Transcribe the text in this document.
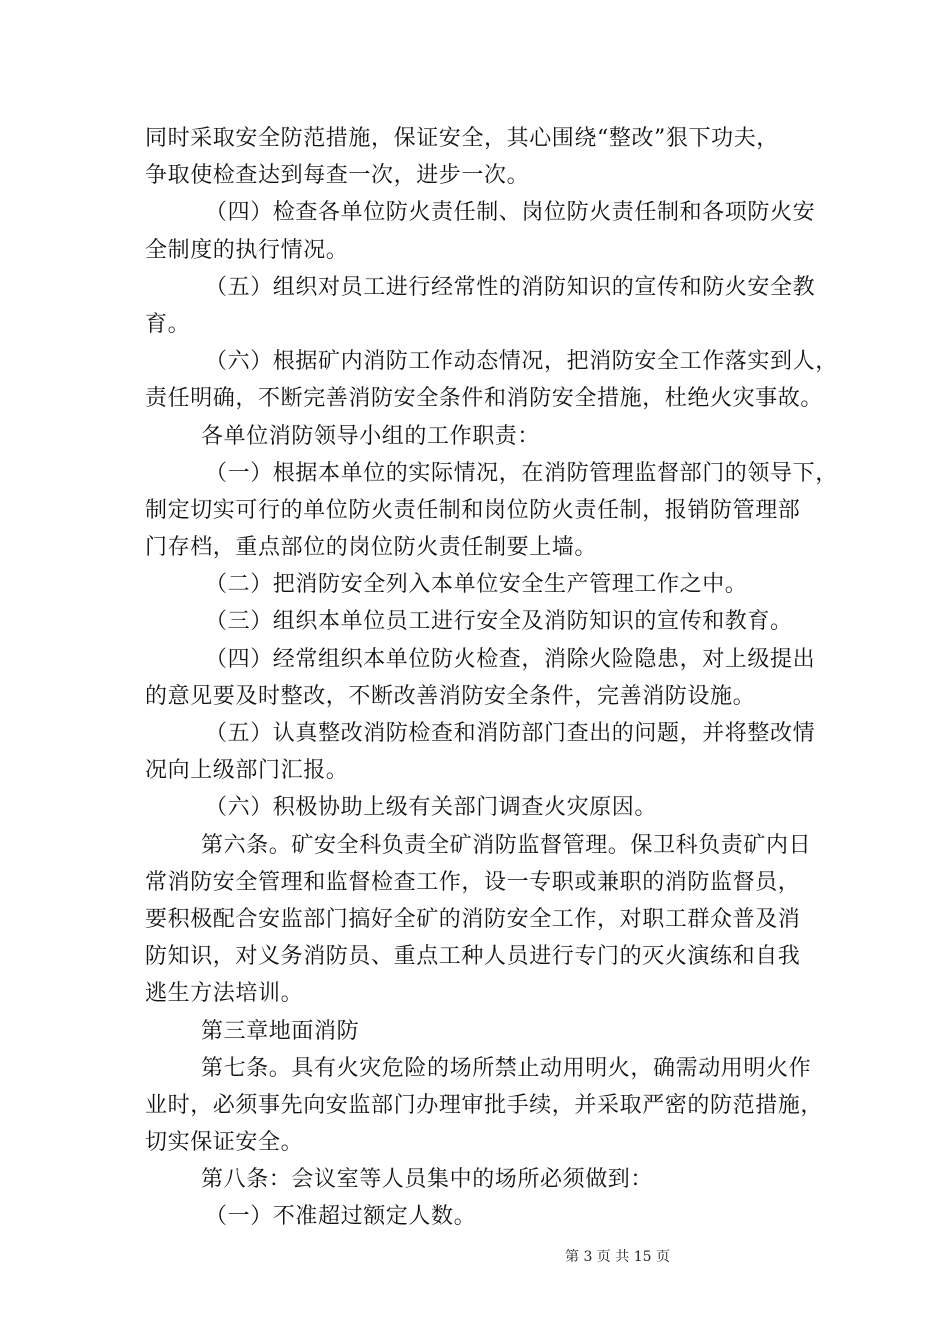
同时采取安全防范措施，保证安全，其心围绕“整改”狠下功夫，
争取使检查达到每查一次，进步一次。
（四）检查各单位防火责任制、岗位防火责任制和各项防火安
全制度的执行情况。
（五）组织对员工进行经常性的消防知识的宣传和防火安全教
育。
（六）根据矿内消防工作动态情况，把消防安全工作落实到人，
责任明确，不断完善消防安全条件和消防安全措施，杜绝火灾事故。
各单位消防领导小组的工作职责：
（一）根据本单位的实际情况，在消防管理监督部门的领导下，
制定切实可行的单位防火责任制和岗位防火责任制，报销防管理部
门存档，重点部位的岗位防火责任制要上墙。
（二）把消防安全列入本单位安全生产管理工作之中。
（三）组织本单位员工进行安全及消防知识的宣传和教育。
（四）经常组织本单位防火检查，消除火险隐患，对上级提出
的意见要及时整改，不断改善消防安全条件，完善消防设施。
（五）认真整改消防检查和消防部门查出的问题，并将整改情
况向上级部门汇报。
（六）积极协助上级有关部门调查火灾原因。
第六条。矿安全科负责全矿消防监督管理。保卫科负责矿内日
常消防安全管理和监督检查工作，设一专职或兼职的消防监督员，
要积极配合安监部门搞好全矿的消防安全工作，对职工群众普及消
防知识，对义务消防员、重点工种人员进行专门的灭火演练和自我
逃生方法培训。
第三章地面消防
第七条。具有火灾危险的场所禁止动用明火，确需动用明火作
业时，必须事先向安监部门办理审批手续，并采取严密的防范措施，
切实保证安全。
第八条：会议室等人员集中的场所必须做到：
（一）不准超过额定人数。
第 3 页 共 15 页
